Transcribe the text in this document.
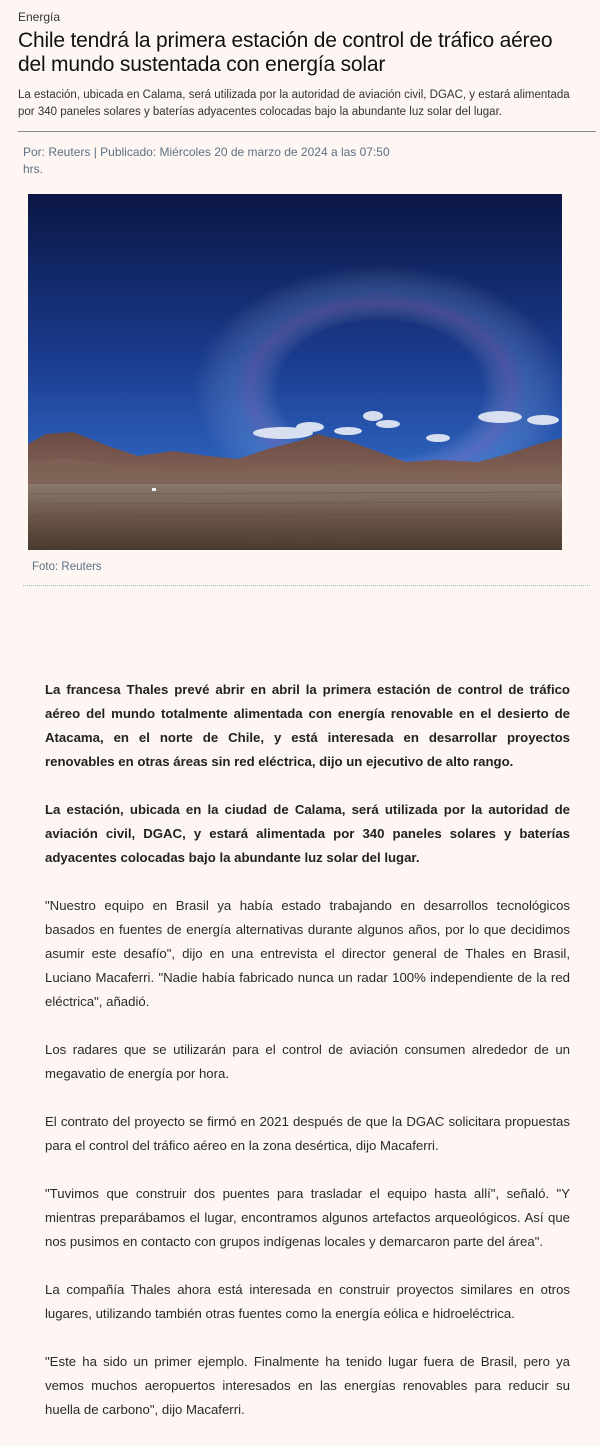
Energía
Chile tendrá la primera estación de control de tráfico aéreo del mundo sustentada con energía solar

La estación, ubicada en Calama, será utilizada por la autoridad de aviación civil, DGAC, y estará alimentada por 340 paneles solares y baterías adyacentes colocadas bajo la abundante luz solar del lugar.

Por: Reuters | Publicado: Miércoles 20 de marzo de 2024 a las 07:50 hrs.
Foto: Reuters

La francesa Thales prevé abrir en abril la primera estación de control de tráfico aéreo del mundo totalmente alimentada con energía renovable en el desierto de Atacama, en el norte de Chile, y está interesada en desarrollar proyectos renovables en otras áreas sin red eléctrica, dijo un ejecutivo de alto rango.

La estación, ubicada en la ciudad de Calama, será utilizada por la autoridad de aviación civil, DGAC, y estará alimentada por 340 paneles solares y baterías adyacentes colocadas bajo la abundante luz solar del lugar.

"Nuestro equipo en Brasil ya había estado trabajando en desarrollos tecnológicos basados en fuentes de energía alternativas durante algunos años, por lo que decidimos asumir este desafío", dijo en una entrevista el director general de Thales en Brasil, Luciano Macaferri. "Nadie había fabricado nunca un radar 100% independiente de la red eléctrica", añadió.

Los radares que se utilizarán para el control de aviación consumen alrededor de un megavatio de energía por hora.

El contrato del proyecto se firmó en 2021 después de que la DGAC solicitara propuestas para el control del tráfico aéreo en la zona desértica, dijo Macaferri.

"Tuvimos que construir dos puentes para trasladar el equipo hasta allí", señaló. "Y mientras preparábamos el lugar, encontramos algunos artefactos arqueológicos. Así que nos pusimos en contacto con grupos indígenas locales y demarcaron parte del área".

La compañía Thales ahora está interesada en construir proyectos similares en otros lugares, utilizando también otras fuentes como la energía eólica e hidroeléctrica.

"Este ha sido un primer ejemplo. Finalmente ha tenido lugar fuera de Brasil, pero ya vemos muchos aeropuertos interesados en las energías renovables para reducir su huella de carbono", dijo Macaferri.
